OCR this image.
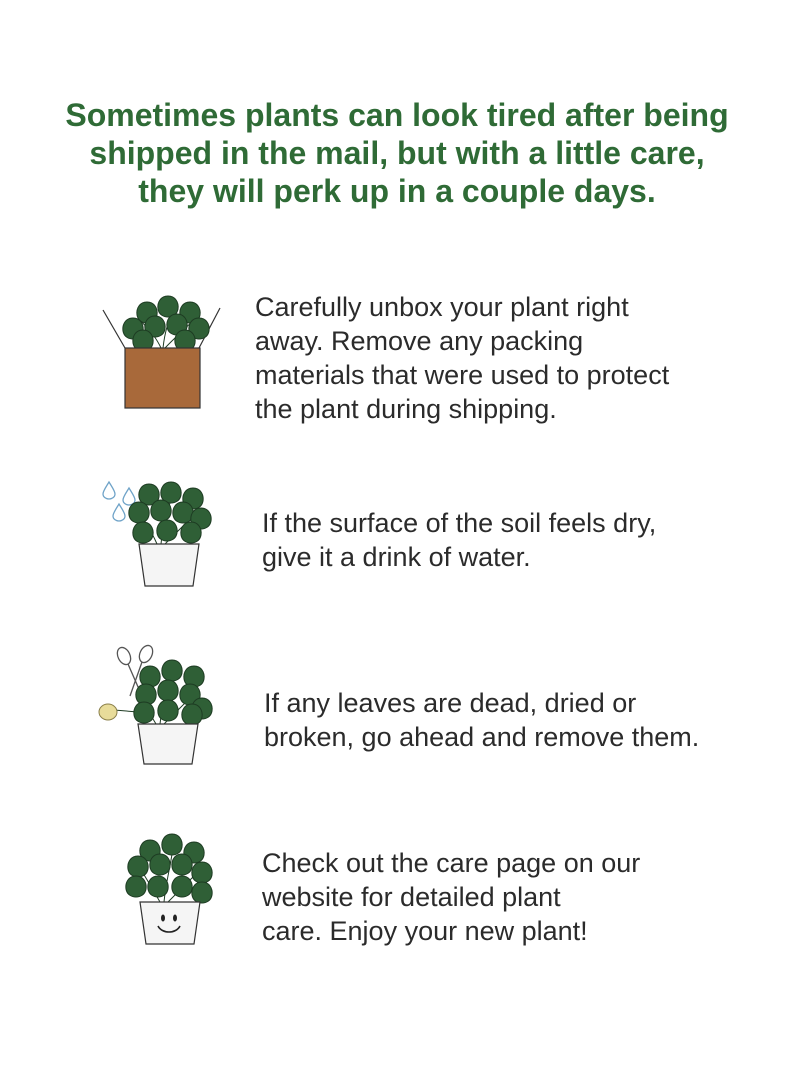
Sometimes plants can look tired after being
shipped in the mail, but with a little care,
they will perk up in a couple days.

Carefully unbox your plant right
away. Remove any packing
materials that were used to protect
the plant during shipping.

If the surface of the soil feels dry,
give it a drink of water.

If any leaves are dead, dried or
broken, go ahead and remove them.

Check out the care page on our
website for detailed plant
care. Enjoy your new plant!
